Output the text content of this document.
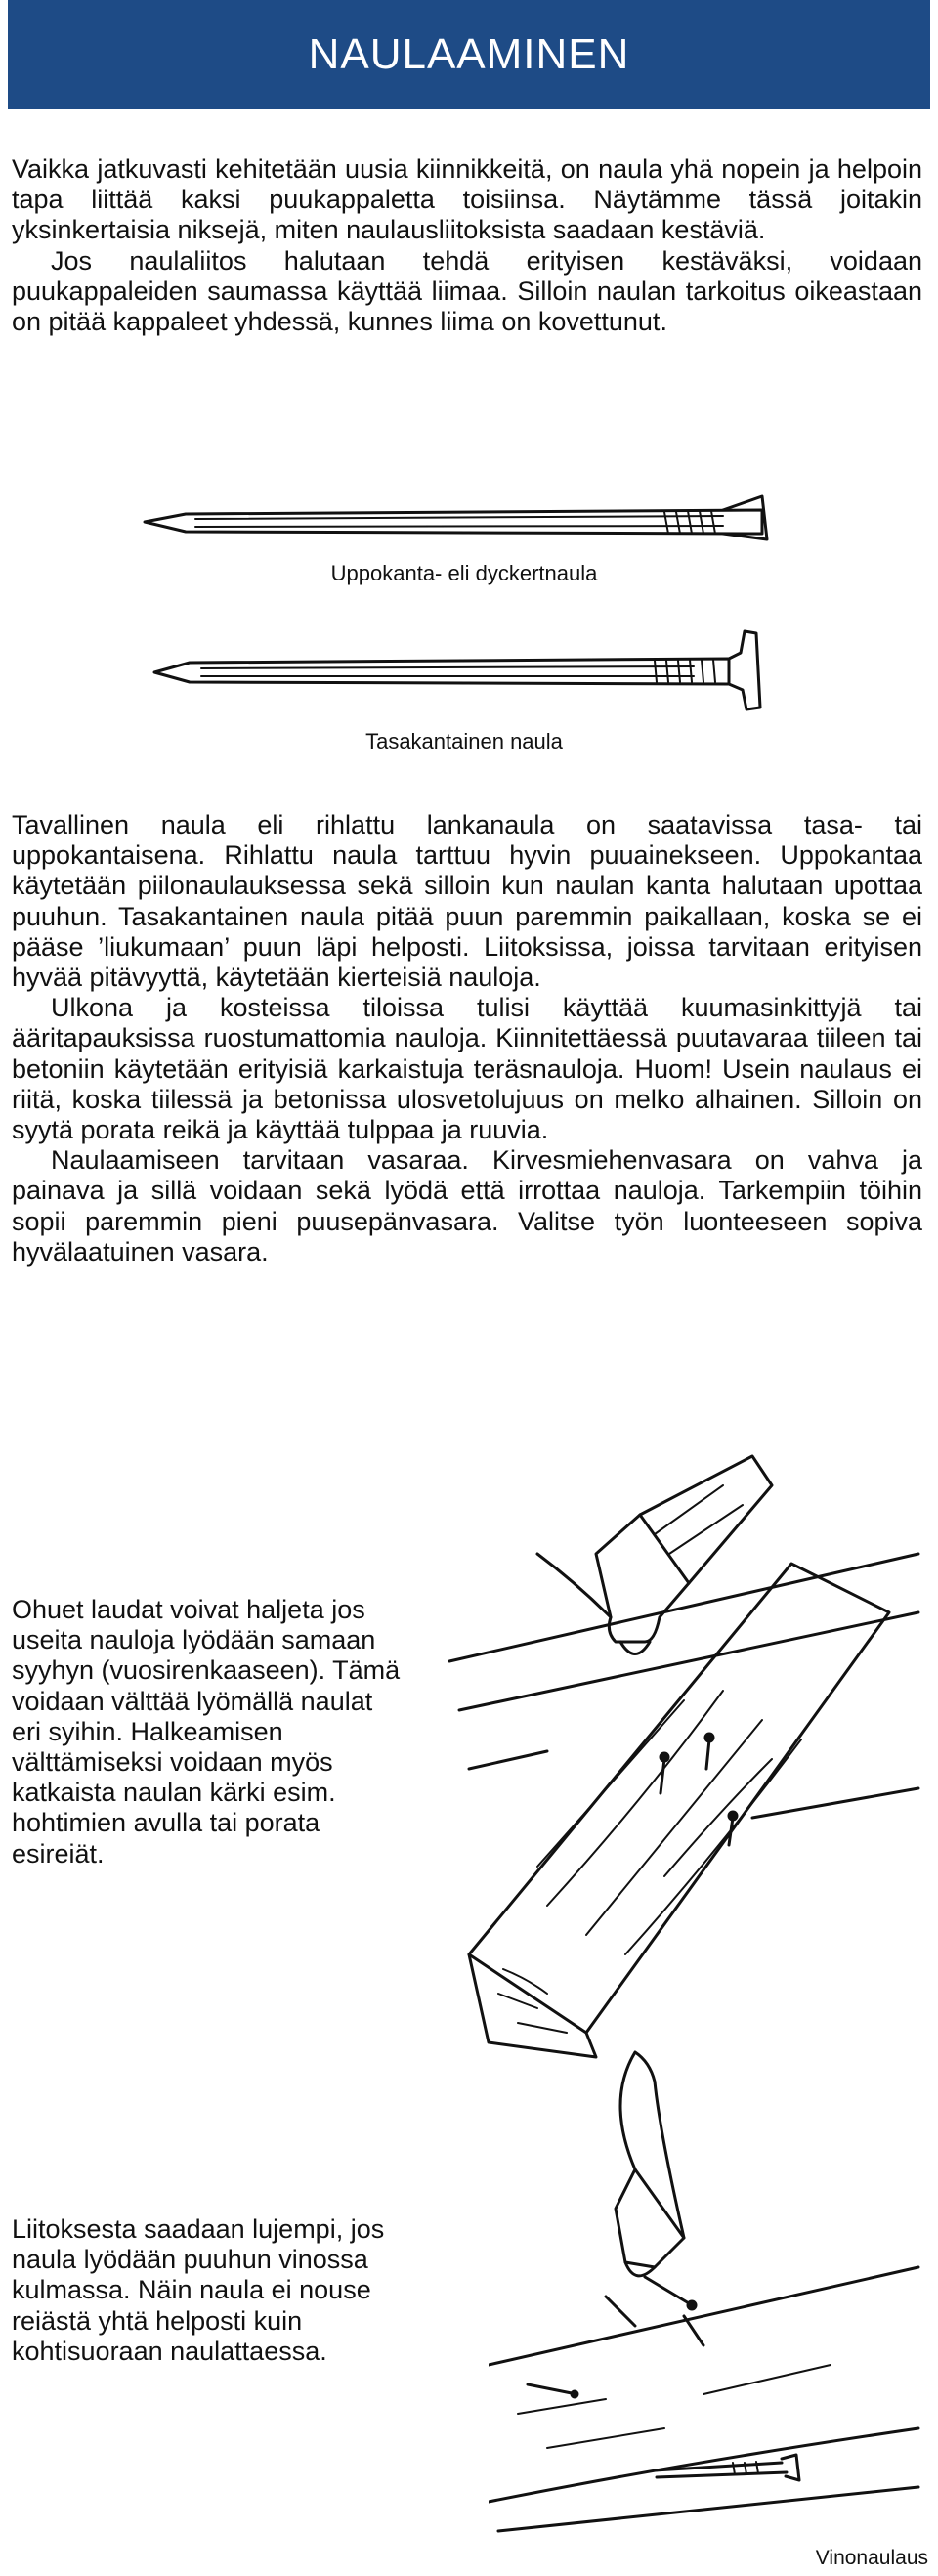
NAULAAMINEN

Vaikka jatkuvasti kehitetään uusia kiinnikkeitä, on naula yhä nopein ja helpoin tapa liittää kaksi puukappaletta toisiinsa. Näytämme tässä joitakin yksinkertaisia niksejä, miten naulausliitoksista saadaan kestäviä.

Jos naulaliitos halutaan tehdä erityisen kestäväksi, voidaan puukappaleiden saumassa käyttää liimaa. Silloin naulan tarkoitus oikeastaan on pitää kappaleet yhdessä, kunnes liima on kovettunut.

Uppokanta- eli dyckertnaula
Tasakantainen naula

Tavallinen naula eli rihlattu lankanaula on saatavissa tasa- tai uppokantaisena. Rihlattu naula tarttuu hyvin puuainekseen. Uppokantaa käytetään piilonaulauksessa sekä silloin kun naulan kanta halutaan upottaa puuhun. Tasakantainen naula pitää puun paremmin paikallaan, koska se ei pääse ’liukumaan’ puun läpi helposti. Liitoksissa, joissa tarvitaan erityisen hyvää pitävyyttä, käytetään kierteisiä nauloja.

Ulkona ja kosteissa tiloissa tulisi käyttää kuumasinkittyjä tai ääritapauksissa ruostumattomia nauloja. Kiinnitettäessä puutavaraa tiileen tai betoniin käytetään erityisiä karkaistuja teräsnauloja. Huom! Usein naulaus ei riitä, koska tiilessä ja betonissa ulosvetolujuus on melko alhainen. Silloin on syytä porata reikä ja käyttää tulppaa ja ruuvia.

Naulaamiseen tarvitaan vasaraa. Kirvesmiehenvasara on vahva ja painava ja sillä voidaan sekä lyödä että irrottaa nauloja. Tarkempiin töihin sopii paremmin pieni puusepänvasara. Valitse työn luonteeseen sopiva hyvälaatuinen vasara.

Ohuet laudat voivat haljeta jos useita nauloja lyödään samaan syyhyn (vuosirenkaaseen). Tämä voidaan välttää lyömällä naulat eri syihin. Halkeamisen välttämiseksi voidaan myös katkaista naulan kärki esim. hohtimien avulla tai porata esireiät.
Liitoksesta saadaan lujempi, jos naula lyödään puuhun vinossa kulmassa. Näin naula ei nouse reiästä yhtä helposti kuin kohtisuoraan naulattaessa.
Vinonaulaus
